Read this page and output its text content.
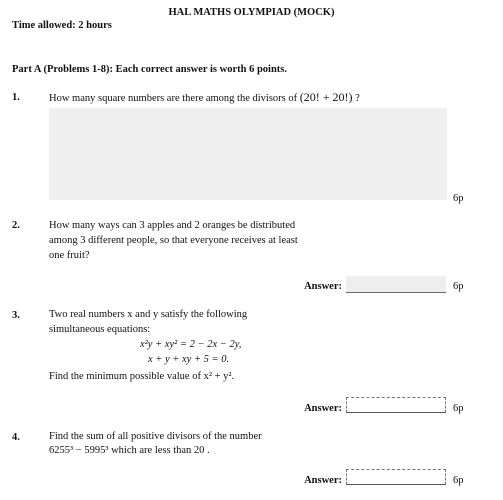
HAL MATHS OLYMPIAD (MOCK)
Time allowed: 2 hours
Part A (Problems 1-8): Each correct answer is worth 6 points.
1.	How many square numbers are there among the divisors of (20! + 20!) ?
6p
2.	How many ways can 3 apples and 2 oranges be distributed
among 3 different people, so that everyone receives at least
one fruit?
Answer:	6p
3.	Two real numbers x and y satisfy the following
simultaneous equations:
x²y + xy² = 2 − 2x − 2y,
x + y + xy + 5 = 0.
Find the minimum possible value of x² + y².
Answer:	6p
4.	Find the sum of all positive divisors of the number
6255³ − 5995³ which are less than 20 .
Answer:	6p
